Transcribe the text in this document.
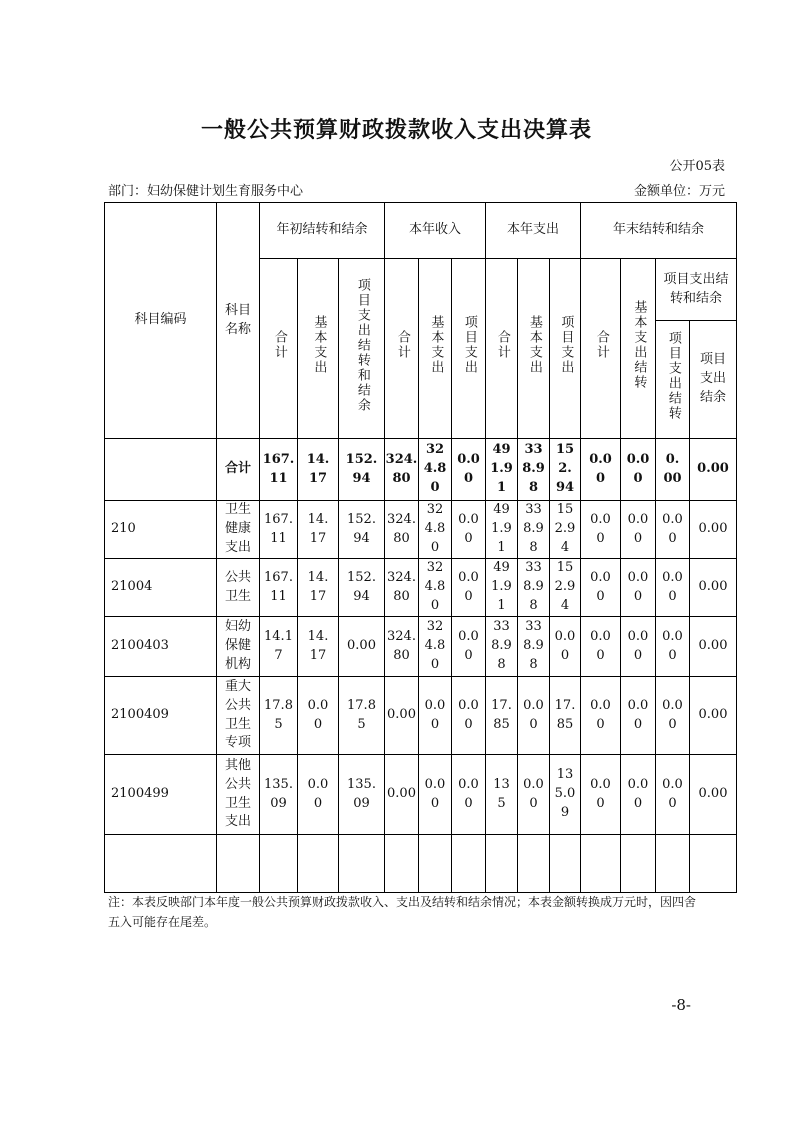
一般公共预算财政拨款收入支出决算表
公开05表
部门：妇幼保健计划生育服务中心	金额单位：万元
科目编码	科目名称	年初结转和结余			本年收入			本年支出			年末结转和结余			
		合计	基本支出	项目支出结转和结余	合计	基本支出	项目支出	合计	基本支出	项目支出	合计	基本支出结转	项目支出结转和结余	
													项目支出结转	项目支出结余
	合计	167.11	14.17	152.94	324.80	324.80	0.00	491.91	338.98	152.94	0.00	0.00	0.00	0.00
210	卫生健康支出	167.11	14.17	152.94	324.80	324.80	0.00	491.91	338.98	152.94	0.00	0.00	0.00	0.00
21004	公共卫生	167.11	14.17	152.94	324.80	324.80	0.00	491.91	338.98	152.94	0.00	0.00	0.00	0.00
2100403	妇幼保健机构	14.17	14.17	0.00	324.80	324.80	0.00	338.98	338.98	0.00	0.00	0.00	0.00	0.00
2100409	重大公共卫生专项	17.85	0.00	17.85	0.00	0.00	0.00	17.85	0.00	17.85	0.00	0.00	0.00	0.00
2100499	其他公共卫生支出	135.09	0.00	135.09	0.00	0.00	0.00	135	0.00	135.09	0.00	0.00	0.00	0.00

注：本表反映部门本年度一般公共预算财政拨款收入、支出及结转和结余情况；本表金额转换成万元时，因四舍五入可能存在尾差。
-8-
